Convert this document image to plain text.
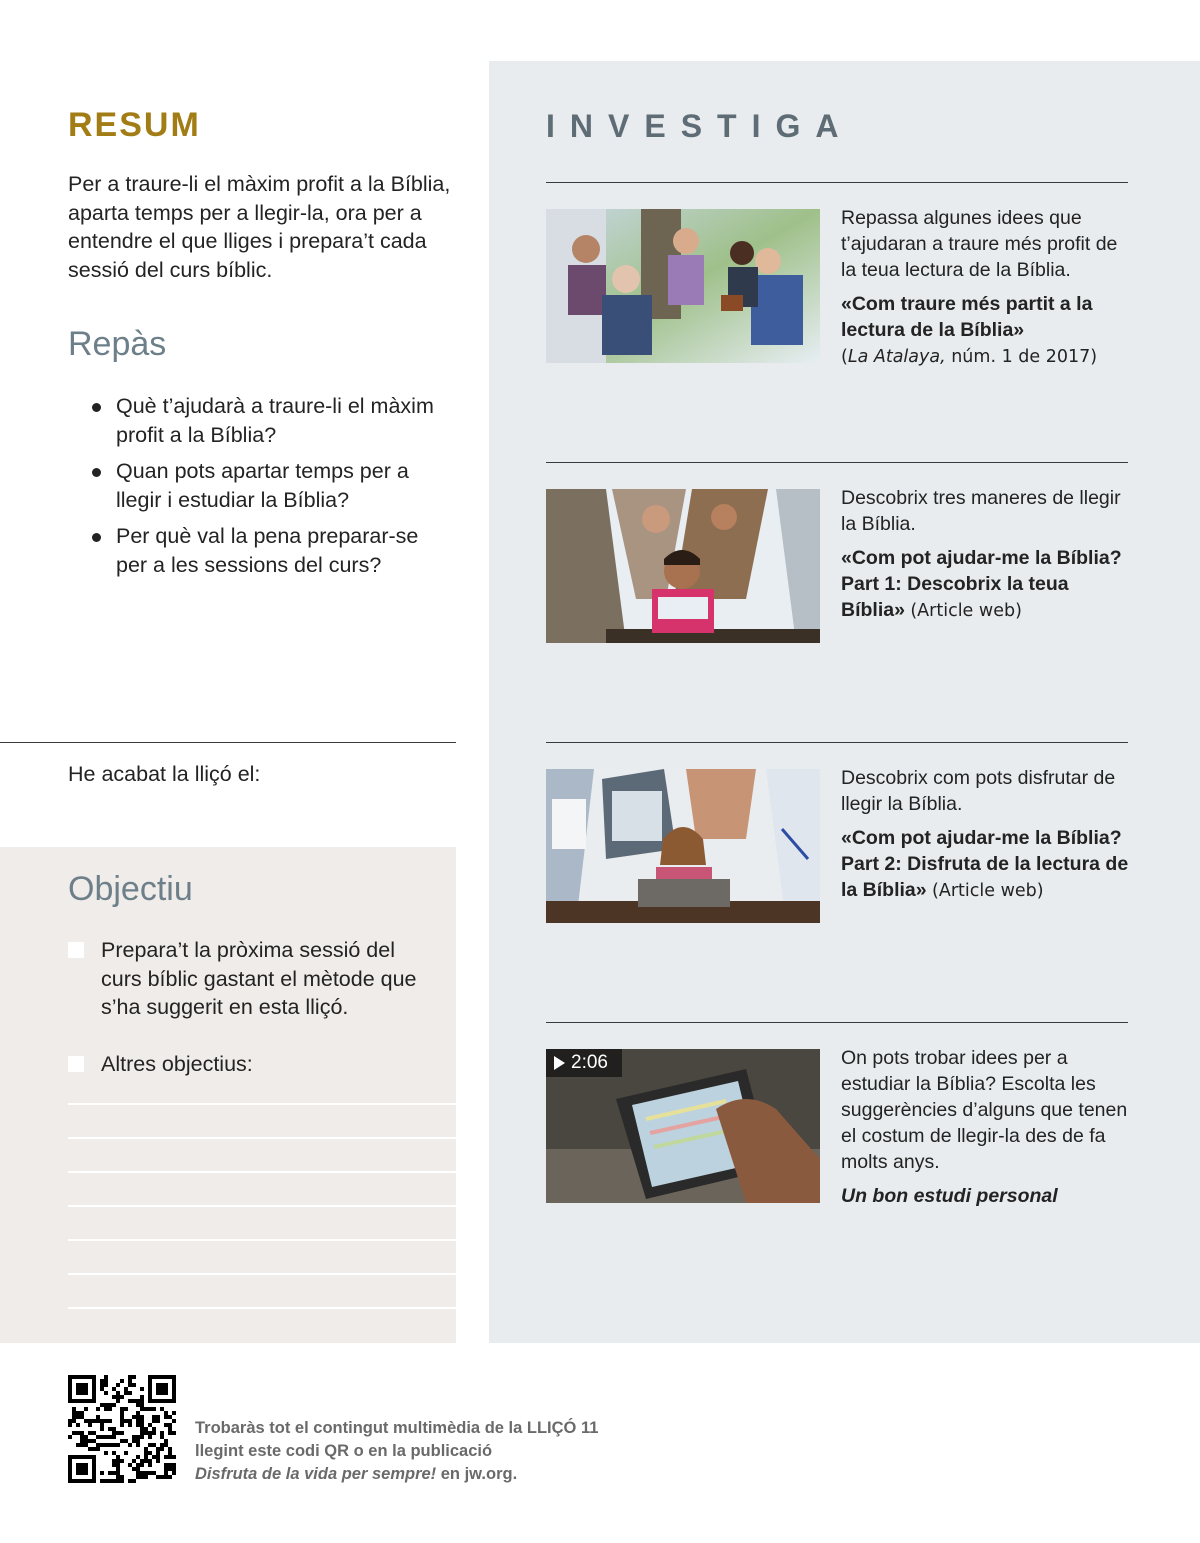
RESUM

Per a traure-li el màxim profit a la Bíblia, aparta temps per a llegir-la, ora per a entendre el que lliges i prepara’t cada sessió del curs bíblic.

Repàs
Què t’ajudarà a traure-li el màxim profit a la Bíblia?
Quan pots apartar temps per a llegir i estudiar la Bíblia?
Per què val la pena preparar-se per a les sessions del curs?
He acabat la lliçó el:
Objectiu
Prepara’t la pròxima sessió del curs bíblic gastant el mètode que s’ha suggerit en esta lliçó.
Altres objectius:
INVESTIGA
Repassa algunes idees que t’ajudaran a traure més profit de la teua lectura de la Bíblia.
«Com traure més partit a la lectura de la Bíblia»
(La Atalaya, núm. 1 de 2017)
Descobrix tres maneres de llegir la Bíblia.
«Com pot ajudar-me la Bíblia? Part 1: Descobrix la teua Bíblia» (Article web)
Descobrix com pots disfrutar de llegir la Bíblia.
«Com pot ajudar-me la Bíblia? Part 2: Disfruta de la lectura de la Bíblia» (Article web)
2:06	On pots trobar idees per a estudiar la Bíblia? Escolta les suggerències d’alguns que tenen el costum de llegir-la des de fa molts anys.
Un bon estudi personal
Trobaràs tot el contingut multimèdia de la LLIÇÓ 11
llegint este codi QR o en la publicació
Disfruta de la vida per sempre! en jw.org.
